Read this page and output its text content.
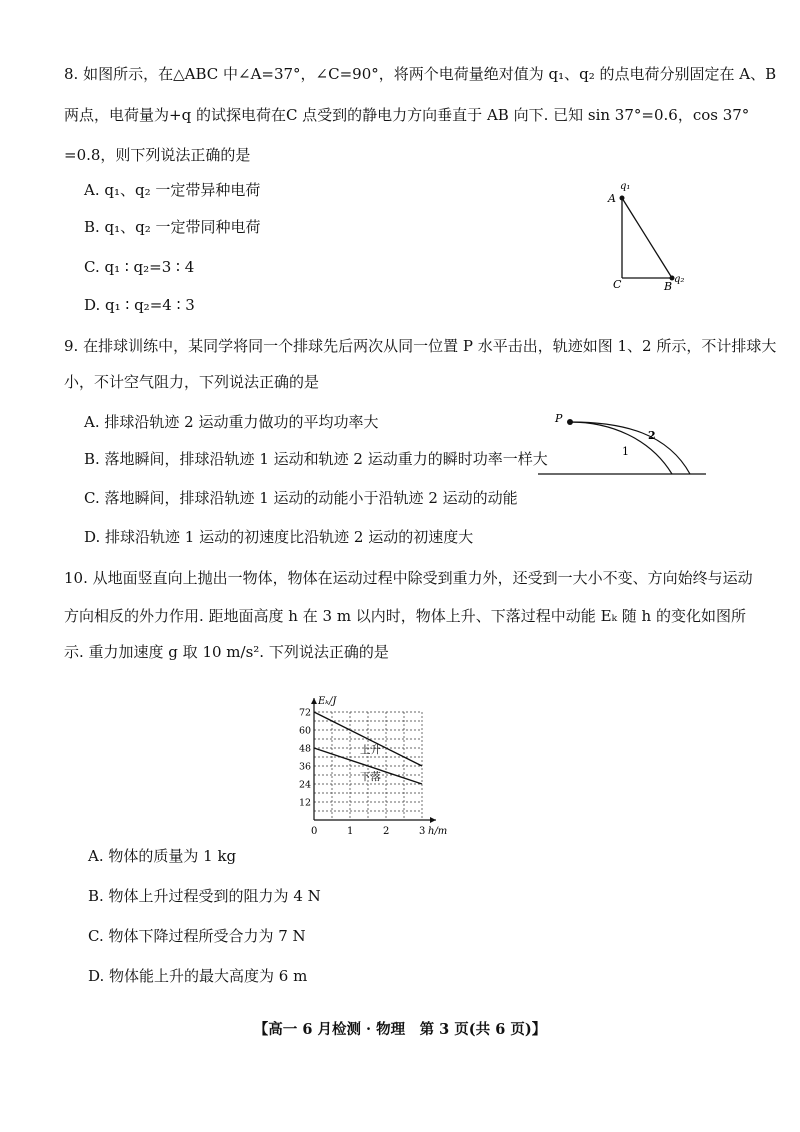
8. 如图所示，在△ABC 中∠A=37°，∠C=90°，将两个电荷量绝对值为 q₁、q₂ 的点电荷分别固定在 A、B
两点，电荷量为+q 的试探电荷在C 点受到的静电力方向垂直于 AB 向下. 已知 sin 37°=0.6，cos 37°
=0.8，则下列说法正确的是
A. q₁、q₂ 一定带异种电荷
B. q₁、q₂ 一定带同种电荷
C. q₁ ∶ q₂=3 ∶ 4
D. q₁ ∶ q₂=4 ∶ 3
A
q₁
C	B
q₂
9. 在排球训练中，某同学将同一个排球先后两次从同一位置 P 水平击出，轨迹如图 1、2 所示，不计排球大
小，不计空气阻力，下列说法正确的是
A. 排球沿轨迹 2 运动重力做功的平均功率大
B. 落地瞬间，排球沿轨迹 1 运动和轨迹 2 运动重力的瞬时功率一样大
C. 落地瞬间，排球沿轨迹 1 运动的动能小于沿轨迹 2 运动的动能
D. 排球沿轨迹 1 运动的初速度比沿轨迹 2 运动的初速度大
P
1
2
10. 从地面竖直向上抛出一物体，物体在运动过程中除受到重力外，还受到一大小不变、方向始终与运动
方向相反的外力作用. 距地面高度 h 在 3 m 以内时，物体上升、下落过程中动能 Eₖ 随 h 的变化如图所
示. 重力加速度 g 取 10 m/s². 下列说法正确的是
0	1	2	3
12
24
36
48
60
72
h/m
Eₖ/J
上升
下落
A. 物体的质量为 1 kg
B. 物体上升过程受到的阻力为 4 N
C. 物体下降过程所受合力为 7 N
D. 物体能上升的最大高度为 6 m
【高一 6 月检测 · 物理　第 3 页(共 6 页)】
